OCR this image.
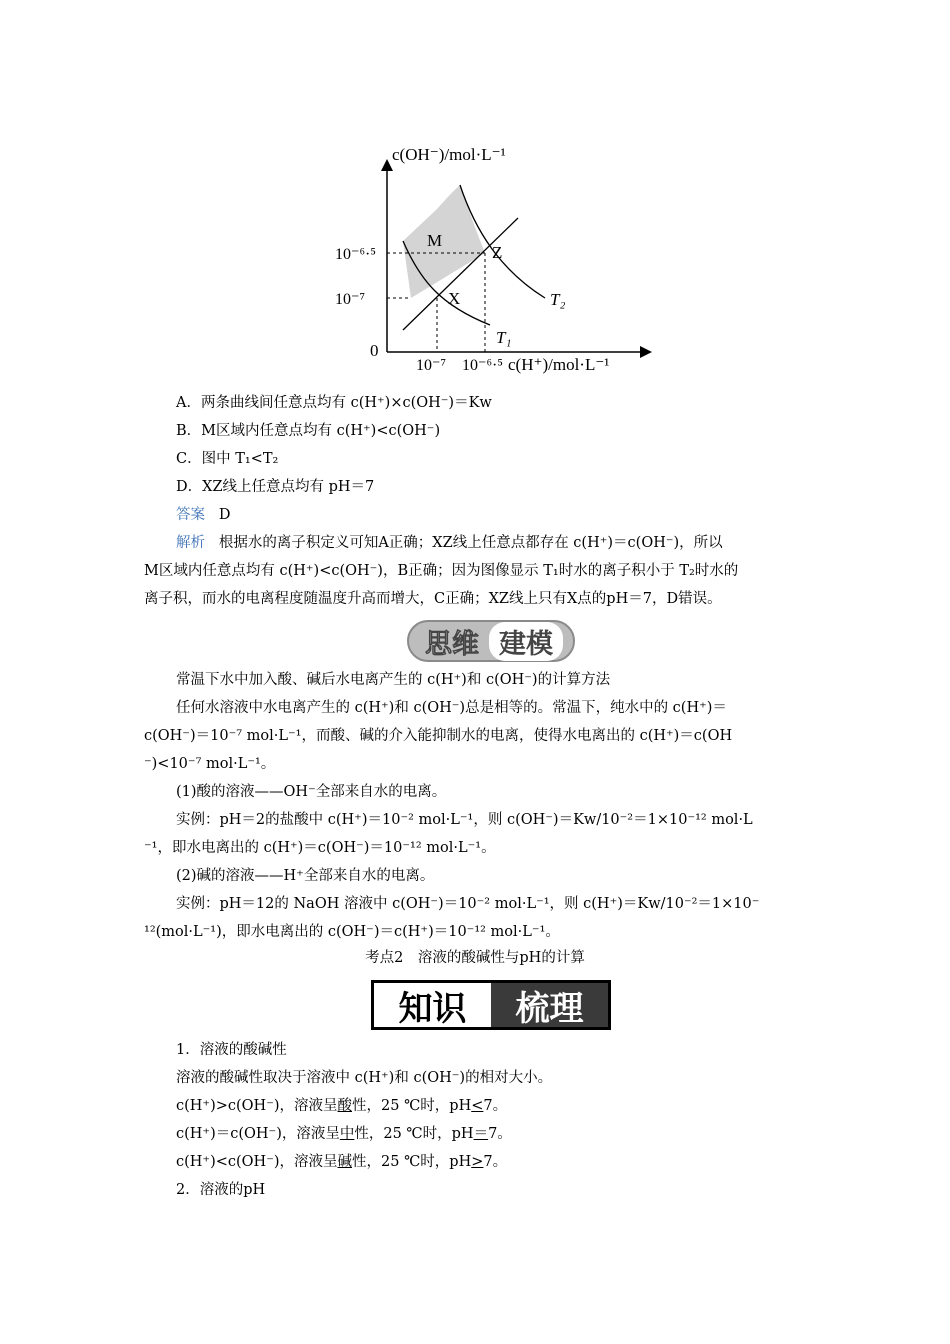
c(OH⁻)/mol·L⁻¹
c(H⁺)/mol·L⁻¹
0
10⁻⁶·⁵
10⁻⁷
10⁻⁷ 10⁻⁶·⁵
M
Z
X
T₁
T₂
A．两条曲线间任意点均有 c(H⁺)×c(OH⁻)＝Kw
B．M区域内任意点均有 c(H⁺)<c(OH⁻)
C．图中 T₁<T₂
D．XZ线上任意点均有 pH＝7
答案 D
解析 根据水的离子积定义可知A正确；XZ线上任意点都存在 c(H⁺)＝c(OH⁻)，所以
M区域内任意点均有 c(H⁺)<c(OH⁻)，B正确；因为图像显示 T₁时水的离子积小于 T₂时水的
离子积，而水的电离程度随温度升高而增大，C正确；XZ线上只有X点的pH＝7，D错误。
思维 建模
常温下水中加入酸、碱后水电离产生的 c(H⁺)和 c(OH⁻)的计算方法
任何水溶液中水电离产生的 c(H⁺)和 c(OH⁻)总是相等的。常温下，纯水中的 c(H⁺)＝
c(OH⁻)＝10⁻⁷ mol·L⁻¹，而酸、碱的介入能抑制水的电离，使得水电离出的 c(H⁺)＝c(OH
⁻)<10⁻⁷ mol·L⁻¹。
(1)酸的溶液——OH⁻全部来自水的电离。
实例：pH＝2的盐酸中 c(H⁺)＝10⁻² mol·L⁻¹，则 c(OH⁻)＝Kw/10⁻²＝1×10⁻¹² mol·L
⁻¹，即水电离出的 c(H⁺)＝c(OH⁻)＝10⁻¹² mol·L⁻¹。
(2)碱的溶液——H⁺全部来自水的电离。
实例：pH＝12的 NaOH 溶液中 c(OH⁻)＝10⁻² mol·L⁻¹，则 c(H⁺)＝Kw/10⁻²＝1×10⁻
¹²(mol·L⁻¹)，即水电离出的 c(OH⁻)＝c(H⁺)＝10⁻¹² mol·L⁻¹。
考点2　溶液的酸碱性与pH的计算
知识	梳理
1．溶液的酸碱性
溶液的酸碱性取决于溶液中 c(H⁺)和 c(OH⁻)的相对大小。
c(H⁺)>c(OH⁻)，溶液呈酸性，25 ℃时，pH<7。
c(H⁺)＝c(OH⁻)，溶液呈中性，25 ℃时，pH＝7。
c(H⁺)<c(OH⁻)，溶液呈碱性，25 ℃时，pH>7。
2．溶液的pH
